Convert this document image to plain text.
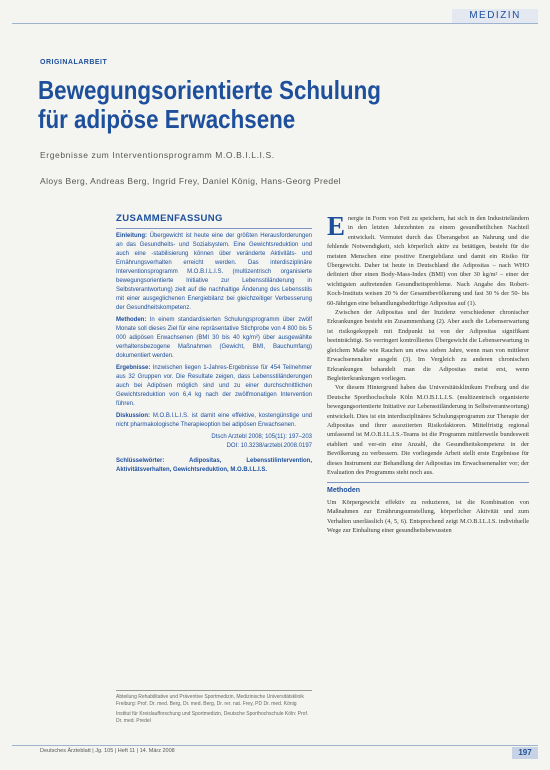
MEDIZIN
ORIGINALARBEIT
Bewegungsorientierte Schulung
für adipöse Erwachsene
Ergebnisse zum Interventionsprogramm M.O.B.I.L.I.S.
Aloys Berg, Andreas Berg, Ingrid Frey, Daniel König, Hans-Georg Predel
ZUSAMMENFASSUNG

Einleitung: Übergewicht ist heute eine der größten Herausforderungen an das Gesundheits- und Sozialsystem. Eine Gewichtsreduktion und auch eine -stabilisierung können über veränderte Aktivitäts- und Ernährungsverhalten erreicht werden. Das interdisziplinäre Interventionsprogramm M.O.B.I.L.I.S. (multizentrisch organisierte bewegungsorientierte Initiative zur Lebensstiländerung in Selbstverantwortung) zielt auf die nachhaltige Änderung des Lebensstils mit einer ausgeglichenen Energiebilanz bei gleichzeitiger Verbesserung der Gesundheitskompetenz.

Methoden: In einem standardisierten Schulungsprogramm über zwölf Monate soll dieses Ziel für eine repräsentative Stichprobe von 4 800 bis 5 000 adipösen Erwachsenen (BMI 30 bis 40 kg/m²) über ausgewählte verhaltensbezogene Maßnahmen (Gewicht, BMI, Bauchumfang) dokumentiert werden.

Ergebnisse: Inzwischen liegen 1-Jahres-Ergebnisse für 454 Teilnehmer aus 32 Gruppen vor. Die Resultate zeigen, dass Lebensstiländerungen auch bei Adipösen möglich sind und zu einer durchschnittlichen Gewichtsreduktion von 6,4 kg nach der zwölfmonatigen Intervention führen.

Diskussion: M.O.B.I.L.I.S. ist damit eine effektive, kostengünstige und nicht pharmakologische Therapieoption bei adipösen Erwachsenen.

Dtsch Arztebl 2008; 105(11): 197–203

DOI: 10.3238/arztebl.2008.0197

Schlüsselwörter: Adipositas, Lebensstilintervention, Aktivitätsverhalten, Gewichtsreduktion, M.O.B.I.L.I.S.

Energie in Form von Fett zu speichern, hat sich in den Industrieländern in den letzten Jahrzehnten zu einem gesundheitlichen Nachteil entwickelt. Vermutet durch das Überangebot an Nahrung und die fehlende Notwendigkeit, sich körperlich aktiv zu betätigen, besteht für die meisten Menschen eine positive Energiebilanz und damit ein Risiko für Übergewicht. Daher ist heute in Deutschland die Adipositas – nach WHO definiert über einen Body-Mass-Index (BMI) von über 30 kg/m² – einer der wichtigsten auftretenden Gesundheitsprobleme. Nach Angabe des Robert-Koch-Instituts weisen 20 % der Gesamtbevölkerung und fast 30 % der 50- bis 60-Jährigen eine behandlungsbedürftige Adipositas auf (1).

Zwischen der Adipositas und der Inzidenz verschiedener chronischer Erkrankungen besteht ein Zusammenhang (2). Aber auch die Lebenserwartung ist risikogekoppelt mit Endpunkt ist von der Adipositas signifikant beeinträchtigt. So verringert kontrolliertes Übergewicht die Lebenserwartung in gleichem Maße wie Rauchen um etwa sieben Jahre, wenn man von mittlerer Erwachsenenalter ausgeht (3). Im Vergleich zu anderen chronischen Erkrankungen behandelt man die Adipositas meist erst, wenn Begleiterkrankungen vorliegen.

Vor diesem Hintergrund haben das Universitätsklinikum Freiburg und die Deutsche Sporthochschule Köln M.O.B.I.L.I.S. (multizentrisch organisierte bewegungsorientierte Initiative zur Lebensstiländerung in Selbstverantwortung) entwickelt. Dies ist ein interdisziplinäres Schulungsprogramm zur Therapie der Adipositas und ihrer assoziierten Risikofaktoren. Mittelfristig regional umfassend ist M.O.B.I.L.I.S.-Teams ist die Programm mittlerweile bundesweit etabliert und ver-ein eine Anzahl, die Gesundheitskompetenz in der Bevölkerung zu verbessern. Die vorliegende Arbeit stellt erste Ergebnisse für dieses Instrument zur Behandlung der Adipositas im Erwachsenenalter vor; der Evaluation des Programms steht noch aus.

Methoden

Um Körpergewicht effektiv zu reduzieren, ist die Kombination von Maßnahmen zur Ernährungsumstellung, körperlicher Aktivität und zum Verhalten unerlässlich (4, 5, 6). Entsprechend zeigt M.O.B.I.L.I.S. individuelle Wege zur Einhaltung einer gesundheitsbewussten

Abteilung Rehabilitative und Präventive Sportmedizin, Medizinische Universitätsklinik Freiburg: Prof. Dr. med. Berg, Dr. med. Berg, Dr. rer. nat. Frey, PD Dr. med. König

Institut für Kreislaufforschung und Sportmedizin, Deutsche Sporthochschule Köln: Prof. Dr. med. Predel

Deutsches Ärzteblatt | Jg. 105 | Heft 11 | 14. März 2008	197
